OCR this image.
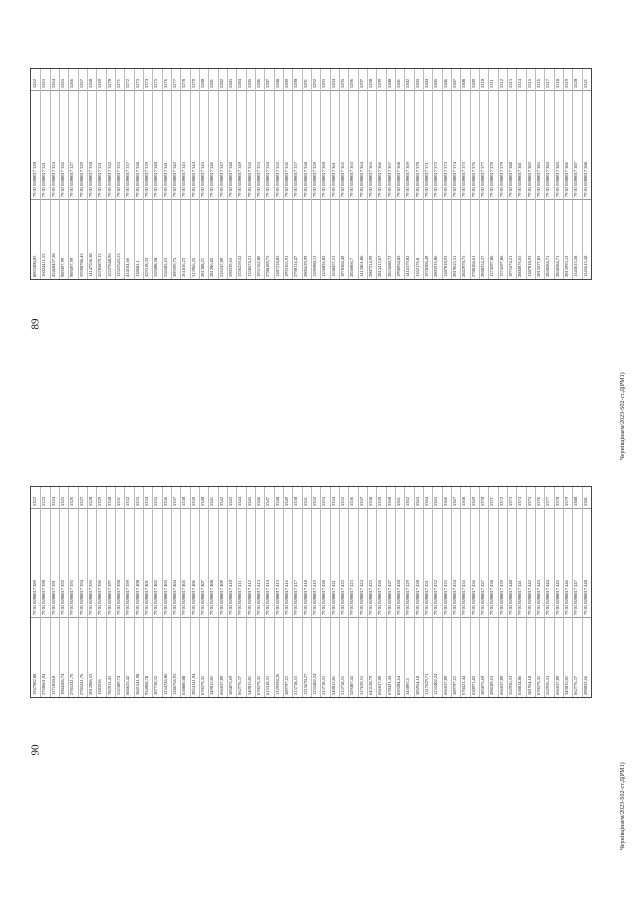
89
90
5262
79 01 0200017 320
8093400,85
5263
79 01 0200017 321
16024411,53
5264
79 01 0200017 324
43460457,38
5265
79 01 0200017 326
989497,99
5266
79 01 0200017 327
989497,99
5267
79 01 0200017 329
59398786,45
5268
79 01 0200017 330
14147556,38
5269
79 01 0200017 331
35703879,13
5270
79 01 0200017 332
12227648,96
5271
79 01 0200017 333
12522543,53
5272
79 01 0200017 337
414164,66
5273
79 01 0200017 338
138681,1
5274
79 01 0200017 339
429318,33
5275
79 01 0200017 340
339408,58
5276
79 01 0200017 341
336583,63
5277
79 01 0200017 342
309399,75
5278
79 01 0200017 343
261016,23
5279
79 01 0200017 344
313966,25
5280
79 01 0200017 345
281388,21
5281
79 01 0200017 346
281286,82
5282
79 01 0200017 347
216247,89
5283
79 01 0200017 348
590339,65
5284
79 01 0200017 349
1336259,52
5285
79 01 0200017 352
1358574,21
5286
79 01 0200017 353
1951162,06
5287
79 01 0200017 354
2788189,75
5288
79 01 0200017 355
1387218,85
5289
79 01 0200017 356
1993165,91
5290
79 01 0200017 357
2790114,47
5291
79 01 0200017 358
2805629,99
5292
79 01 0200017 359
1396980,13
5293
79 01 0200017 360
1356036,03
5294
79 01 0200017 361
1350457,51
5295
79 01 0200017 362
1978304,49
5296
79 01 0200017 363
2836066,7
5297
79 01 0200017 364
1413861,06
5298
79 01 0200017 365
2007214,99
5299
79 01 0200017 366
2813412,67
5300
79 01 0200017 367
2823680,72
5301
79 01 0200017 368
1998954,85
5302
79 01 0200017 369
1414179,02
5303
79 01 0200017 370
1362176,8
5304
79 01 0200017 371
1978304,49
5305
79 01 0200017 372
2805916,06
5306
79 01 0200017 373
1387018,93
5307
79 01 0200017 374
2019625,31
5308
79 01 0200017 375
2842978,75
5309
79 01 0200017 376
2788104,61
5310
79 01 0200017 377
2040234,57
5311
79 01 0200017 378
1374597,86
5312
79 01 0200017 379
1374597,86
5313
79 01 0200017 380
1971674,21
5314
79 01 0200017 381
2804976,65
5315
79 01 0200017 382
1387018,93
5316
79 01 0200017 383
2013577,83
5317
79 01 0200017 384
2830284,71
5318
79 01 0200017 385
2830284,71
5319
79 01 0200017 386
2013995,12
5320
79 01 0200017 387
1345615,58
5321
79 01 0200017 388
1345615,58
5322
79 01 0200017 389
1947982,08
5323
79 01 0200017 390
2760661,94
5324
79 01 0200017 391
1371050,8
5325
79 01 0200017 392
1984506,74
5326
79 01 0200017 393
2785241,76
5327
79 01 0200017 394
2785241,76
5328
79 01 0200017 395
2012986,53
5329
79 01 0200017 396
1383256
5330
79 01 0200017 397
782912,41
5331
79 01 0200017 398
552309,74
5332
79 01 0200017 399
604625,42
5333
79 01 0200017 400
3041341,98
5334
79 01 0200017 401
934068,78
5335
79 01 0200017 402
507730,32
5336
79 01 0200017 403
1234746,06
5337
79 01 0200017 404
1286766,93
5338
79 01 0200017 405
658886,08
5339
79 01 0200017 406
2054141,94
5340
79 01 0200017 407
670579,41
5341
79 01 0200017 408
349015,01
5342
79 01 0200017 409
666657,89
5343
79 01 0200017 410
505875,69
5344
79 01 0200017 411
662776,37
5345
79 01 0200017 412
349015,01
5346
79 01 0200017 413
670579,41
5347
79 01 0200017 414
615318,51
5348
79 01 0200017 415
1329594,26
5349
79 01 0200017 416
509797,21
5350
79 01 0200017 417
513718,51
5351
79 01 0200017 418
1215670,27
5352
79 01 0200017 419
1235402,24
5353
79 01 0200017 420
513718,51
5354
79 01 0200017 421
349015,01
5355
79 01 0200017 422
513718,51
5356
79 01 0200017 423
329407,45
5357
79 01 0200017 424
517639,51
5358
79 01 0200017 425
643128,79
5359
79 01 0200017 426
666657,89
5360
79 01 0200017 427
678421,44
5361
79 01 0200017 428
839204,64
5362
79 01 0200017 429
345095,5
5363
79 01 0200017 430
505954,18
5364
79 01 0200017 431
1317629,71
5365
79 01 0200017 432
1235402,24
5366
79 01 0200017 433
666657,89
5367
79 01 0200017 434
509797,21
5368
79 01 0200017 435
678421,44
5369
79 01 0200017 436
650971,82
5370
79 01 0200017 437
505875,69
5371
79 01 0200017 438
498189,63
5372
79 01 0200017 439
666657,89
5373
79 01 0200017 440
352936,53
5374
79 01 0200017 441
658814,86
5375
79 01 0200017 442
501954,18
5376
79 01 0200017 443
670579,41
5377
79 01 0200017 444
352936,53
5378
79 01 0200017 445
666657,89
5379
79 01 0200017 446
349015,01
5380
79 01 0200017 447
662776,37
5381
79 01 0200017 448
498032,66
Чернiвцiнаем/2023-S02-ст.Д(РМ1)
Чернiвцiнаем/2023-S02-ст.Д(РМ1)
